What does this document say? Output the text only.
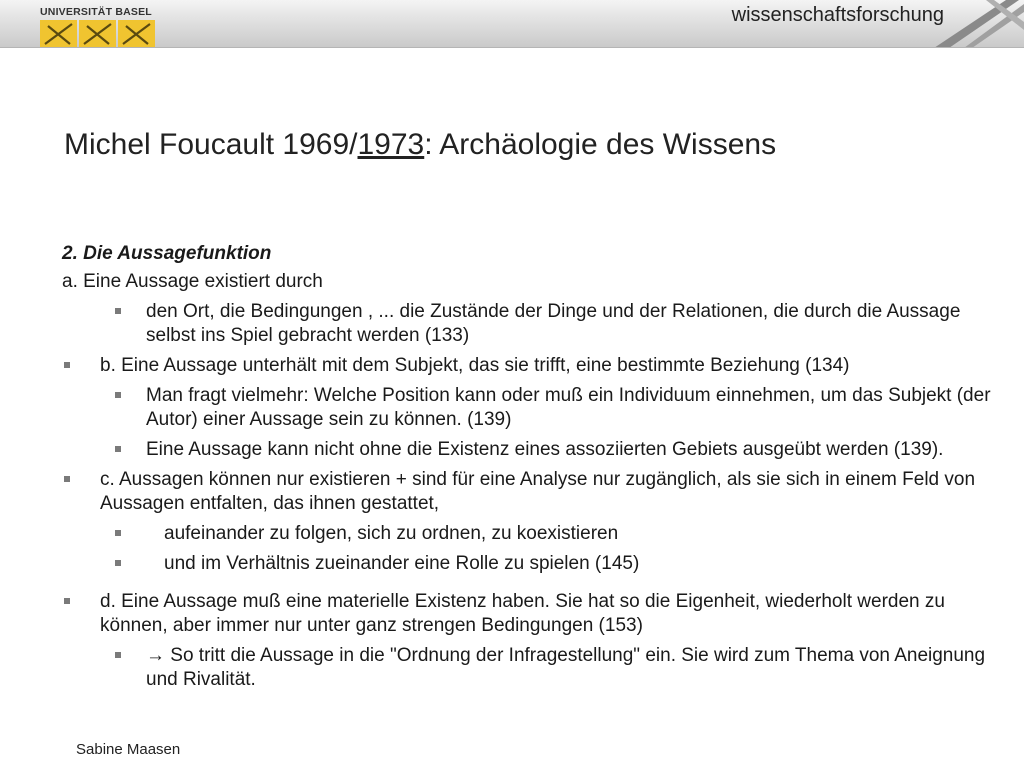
UNIVERSITÄT BASEL	wissenschaftsforschung
Michel Foucault 1969/1973: Archäologie des Wissens
2. Die Aussagefunktion
a. Eine Aussage existiert durch
den Ort, die Bedingungen , ... die Zustände der Dinge und der Relationen, die durch die Aussage selbst ins Spiel gebracht werden (133)
b. Eine Aussage unterhält mit dem Subjekt, das sie trifft, eine bestimmte Beziehung (134)
Man fragt vielmehr: Welche Position kann oder muß ein Individuum einnehmen, um das Subjekt (der Autor) einer Aussage sein zu können. (139)
Eine Aussage kann nicht ohne die Existenz eines assoziierten Gebiets ausgeübt werden (139).
c. Aussagen können nur existieren + sind für eine Analyse nur zugänglich, als sie sich in einem Feld von Aussagen entfalten, das ihnen gestattet,
aufeinander zu folgen, sich zu ordnen, zu koexistieren
und im Verhältnis zueinander eine Rolle zu spielen (145)
d. Eine Aussage muß eine materielle Existenz haben. Sie hat so die Eigenheit, wiederholt werden zu können, aber immer nur unter ganz strengen Bedingungen (153)
→ So tritt die Aussage in die "Ordnung der Infragestellung" ein. Sie wird zum Thema von Aneignung und Rivalität.
Sabine Maasen
